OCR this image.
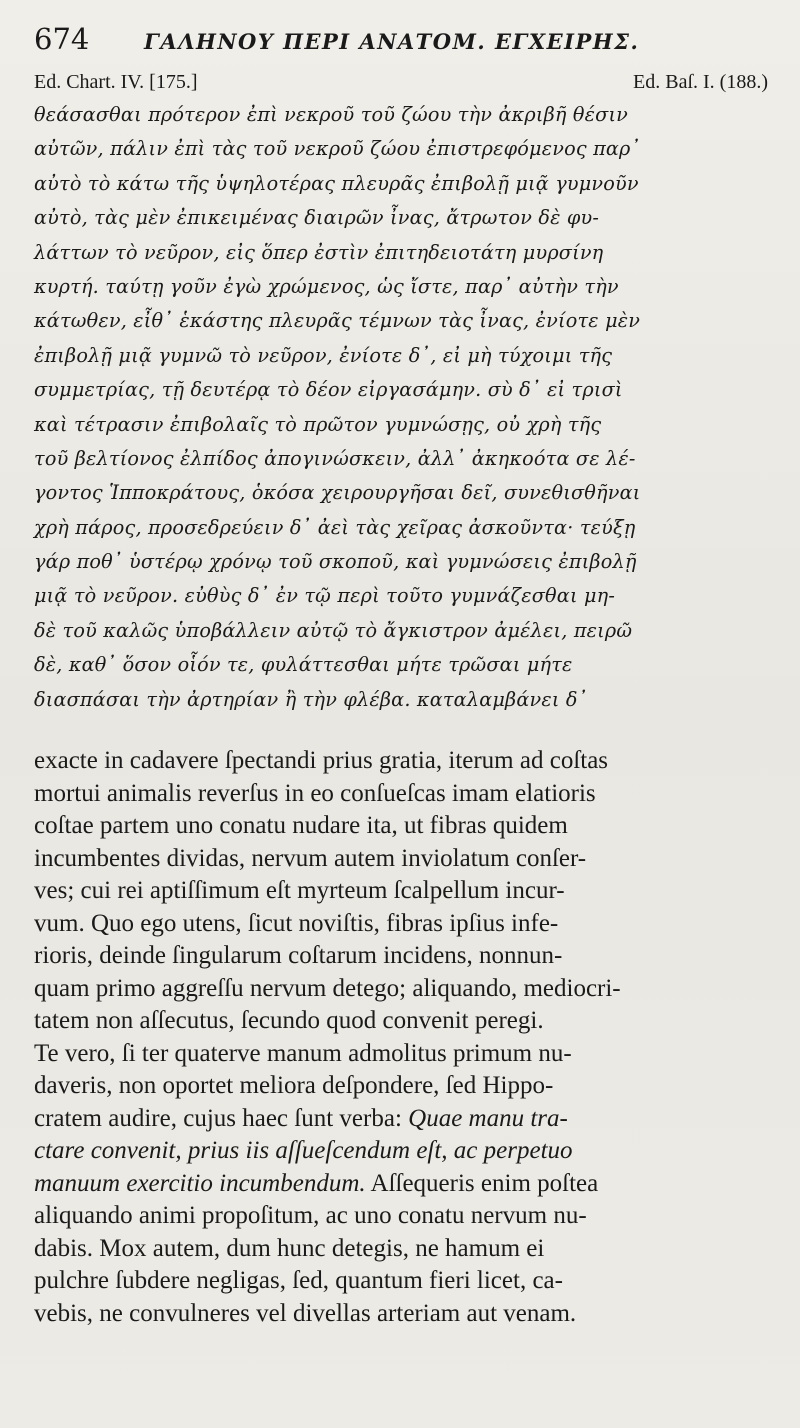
674	ΓΑΛΗΝΟΥ ΠΕΡΙ ΑΝΑΤΟΜ. ΕΓΧΕΙΡΗΣ.
Ed. Chart. IV. [175.]	Ed. Baſ. I. (188.)
θεάσασθαι πρότερον ἐπὶ νεκροῦ τοῦ ζώου τὴν ἀκριβῆ θέσιν
αὐτῶν, πάλιν ἐπὶ τὰς τοῦ νεκροῦ ζώου ἐπιστρεφόμενος παρ᾽
αὐτὸ τὸ κάτω τῆς ὑψηλοτέρας πλευρᾶς ἐπιβολῇ μιᾷ γυμνοῦν
αὐτὸ, τὰς μὲν ἐπικειμένας διαιρῶν ἶνας, ἄτρωτον δὲ φυ-
λάττων τὸ νεῦρον, εἰς ὅπερ ἐστὶν ἐπιτηδειοτάτη μυρσίνη
κυρτή. ταύτῃ γοῦν ἐγὼ χρώμενος, ὡς ἴστε, παρ᾽ αὐτὴν τὴν
κάτωθεν, εἶθ᾽ ἑκάστης πλευρᾶς τέμνων τὰς ἶνας, ἐνίοτε μὲν
ἐπιβολῇ μιᾷ γυμνῶ τὸ νεῦρον, ἐνίοτε δ᾽, εἰ μὴ τύχοιμι τῆς
συμμετρίας, τῇ δευτέρᾳ τὸ δέον εἰργασάμην. σὺ δ᾽ εἰ τρισὶ
καὶ τέτρασιν ἐπιβολαῖς τὸ πρῶτον γυμνώσῃς, οὐ χρὴ τῆς
τοῦ βελτίονος ἐλπίδος ἀπογινώσκειν, ἀλλ᾽ ἀκηκοότα σε λέ-
γοντος Ἱπποκράτους, ὁκόσα χειρουργῆσαι δεῖ, συνεθισθῆναι
χρὴ πάρος, προσεδρεύειν δ᾽ ἀεὶ τὰς χεῖρας ἀσκοῦντα· τεύξῃ
γάρ ποθ᾽ ὑστέρῳ χρόνῳ τοῦ σκοποῦ, καὶ γυμνώσεις ἐπιβολῇ
μιᾷ τὸ νεῦρον. εὐθὺς δ᾽ ἐν τῷ περὶ τοῦτο γυμνάζεσθαι μη-
δὲ τοῦ καλῶς ὑποβάλλειν αὐτῷ τὸ ἄγκιστρον ἀμέλει, πειρῶ
δὲ, καθ᾽ ὅσον οἷόν τε, φυλάττεσθαι μήτε τρῶσαι μήτε
διασπάσαι τὴν ἀρτηρίαν ἢ τὴν φλέβα. καταλαμβάνει δ᾽
exacte in cadavere ſpectandi prius gratia, iterum ad coſtas
mortui animalis reverſus in eo conſueſcas imam elatioris
coſtae partem uno conatu nudare ita, ut fibras quidem
incumbentes dividas, nervum autem inviolatum conſer-
ves; cui rei aptiſſimum eſt myrteum ſcalpellum incur-
vum. Quo ego utens, ſicut noviſtis, fibras ipſius infe-
rioris, deinde ſingularum coſtarum incidens, nonnun-
quam primo aggreſſu nervum detego; aliquando, mediocri-
tatem non aſſecutus, ſecundo quod convenit peregi.
Te vero, ſi ter quaterve manum admolitus primum nu-
daveris, non oportet meliora deſpondere, ſed Hippo-
cratem audire, cujus haec ſunt verba: Quae manu tra-
ctare convenit, prius iis aſſueſcendum eſt, ac perpetuo
manuum exercitio incumbendum. Aſſequeris enim poſtea
aliquando animi propoſitum, ac uno conatu nervum nu-
dabis. Mox autem, dum hunc detegis, ne hamum ei
pulchre ſubdere negligas, ſed, quantum fieri licet, ca-
vebis, ne convulneres vel divellas arteriam aut venam.
